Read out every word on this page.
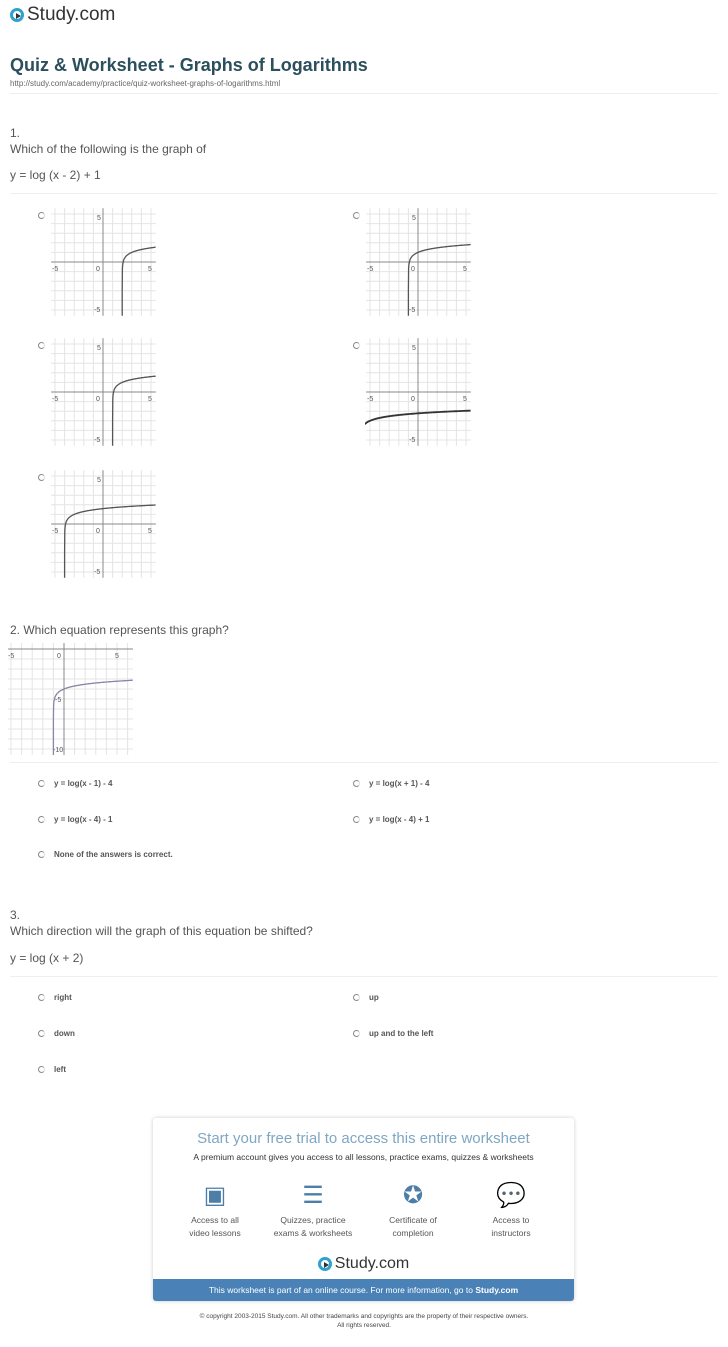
Study.com
Quiz & Worksheet - Graphs of Logarithms
http://study.com/academy/practice/quiz-worksheet-graphs-of-logarithms.html
1.
Which of the following is the graph of
y = log (x - 2) + 1
-5	0	5
5
-5
-5	0	5
5
-5
-5	0	5
5
-5
-5	0	5
5
-5
-5	0	5
5
-5
2. Which equation represents this graph?
-5	0	5
-5
-10
y = log(x - 1) - 4	y = log(x + 1) - 4
y = log(x - 4) - 1	y = log(x - 4) + 1
None of the answers is correct.
3.
Which direction will the graph of this equation be shifted?
y = log (x + 2)
right	up
down	up and to the left
left
Start your free trial to access this entire worksheet
A premium account gives you access to all lessons, practice exams, quizzes & worksheets
▣
Access to all
video lessons
☰
Quizzes, practice
exams & worksheets
✪
Certificate of
completion
💬
Access to
instructors
Study.com
This worksheet is part of an online course. For more information, go to Study.com
© copyright 2003-2015 Study.com. All other trademarks and copyrights are the property of their respective owners.
All rights reserved.
